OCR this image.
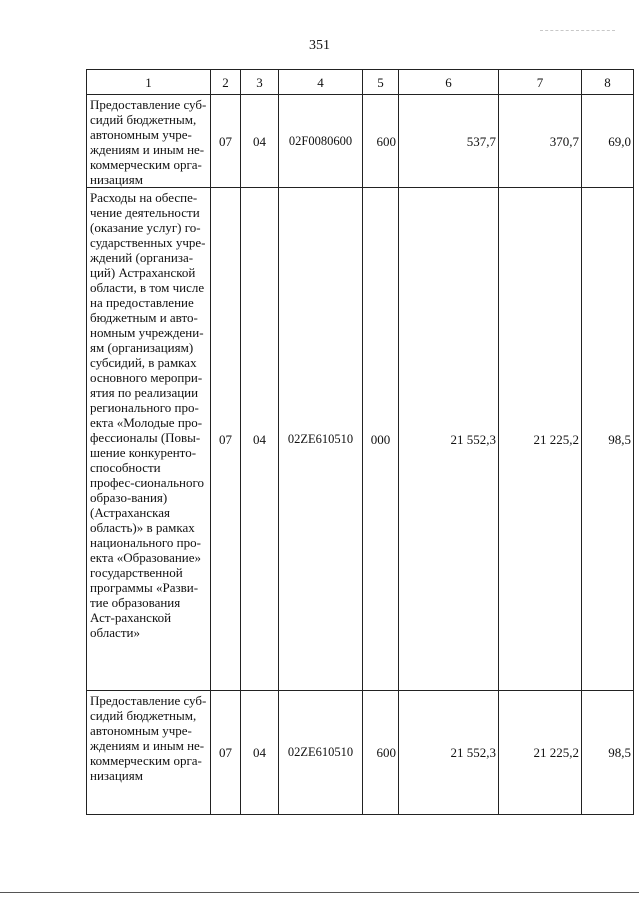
351
1	2	3	4	5	6	7	8
Предоставление суб-сидий бюджетным, автономным учре-ждениям и иным не-коммерческим орга-низациям	07	04	02F0080600	600	537,7	370,7	69,0
Расходы на обеспе-чение деятельности (оказание услуг) го-сударственных учре-ждений (организа-ций) Астраханской области, в том числе на предоставление бюджетным и авто-номным учреждени-ям (организациям) субсидий, в рамках основного меропри-ятия по реализации регионального про-екта «Молодые про-фессионалы (Повы-шение конкуренто-способности профес-сионального образо-вания) (Астраханская область)» в рамках национального про-екта «Образование» государственной программы «Разви-тие образования Аст-раханской области»	07	04	02ZE610510	000	21 552,3	21 225,2	98,5
Предоставление суб-сидий бюджетным, автономным учре-ждениям и иным не-коммерческим орга-низациям	07	04	02ZE610510	600	21 552,3	21 225,2	98,5
